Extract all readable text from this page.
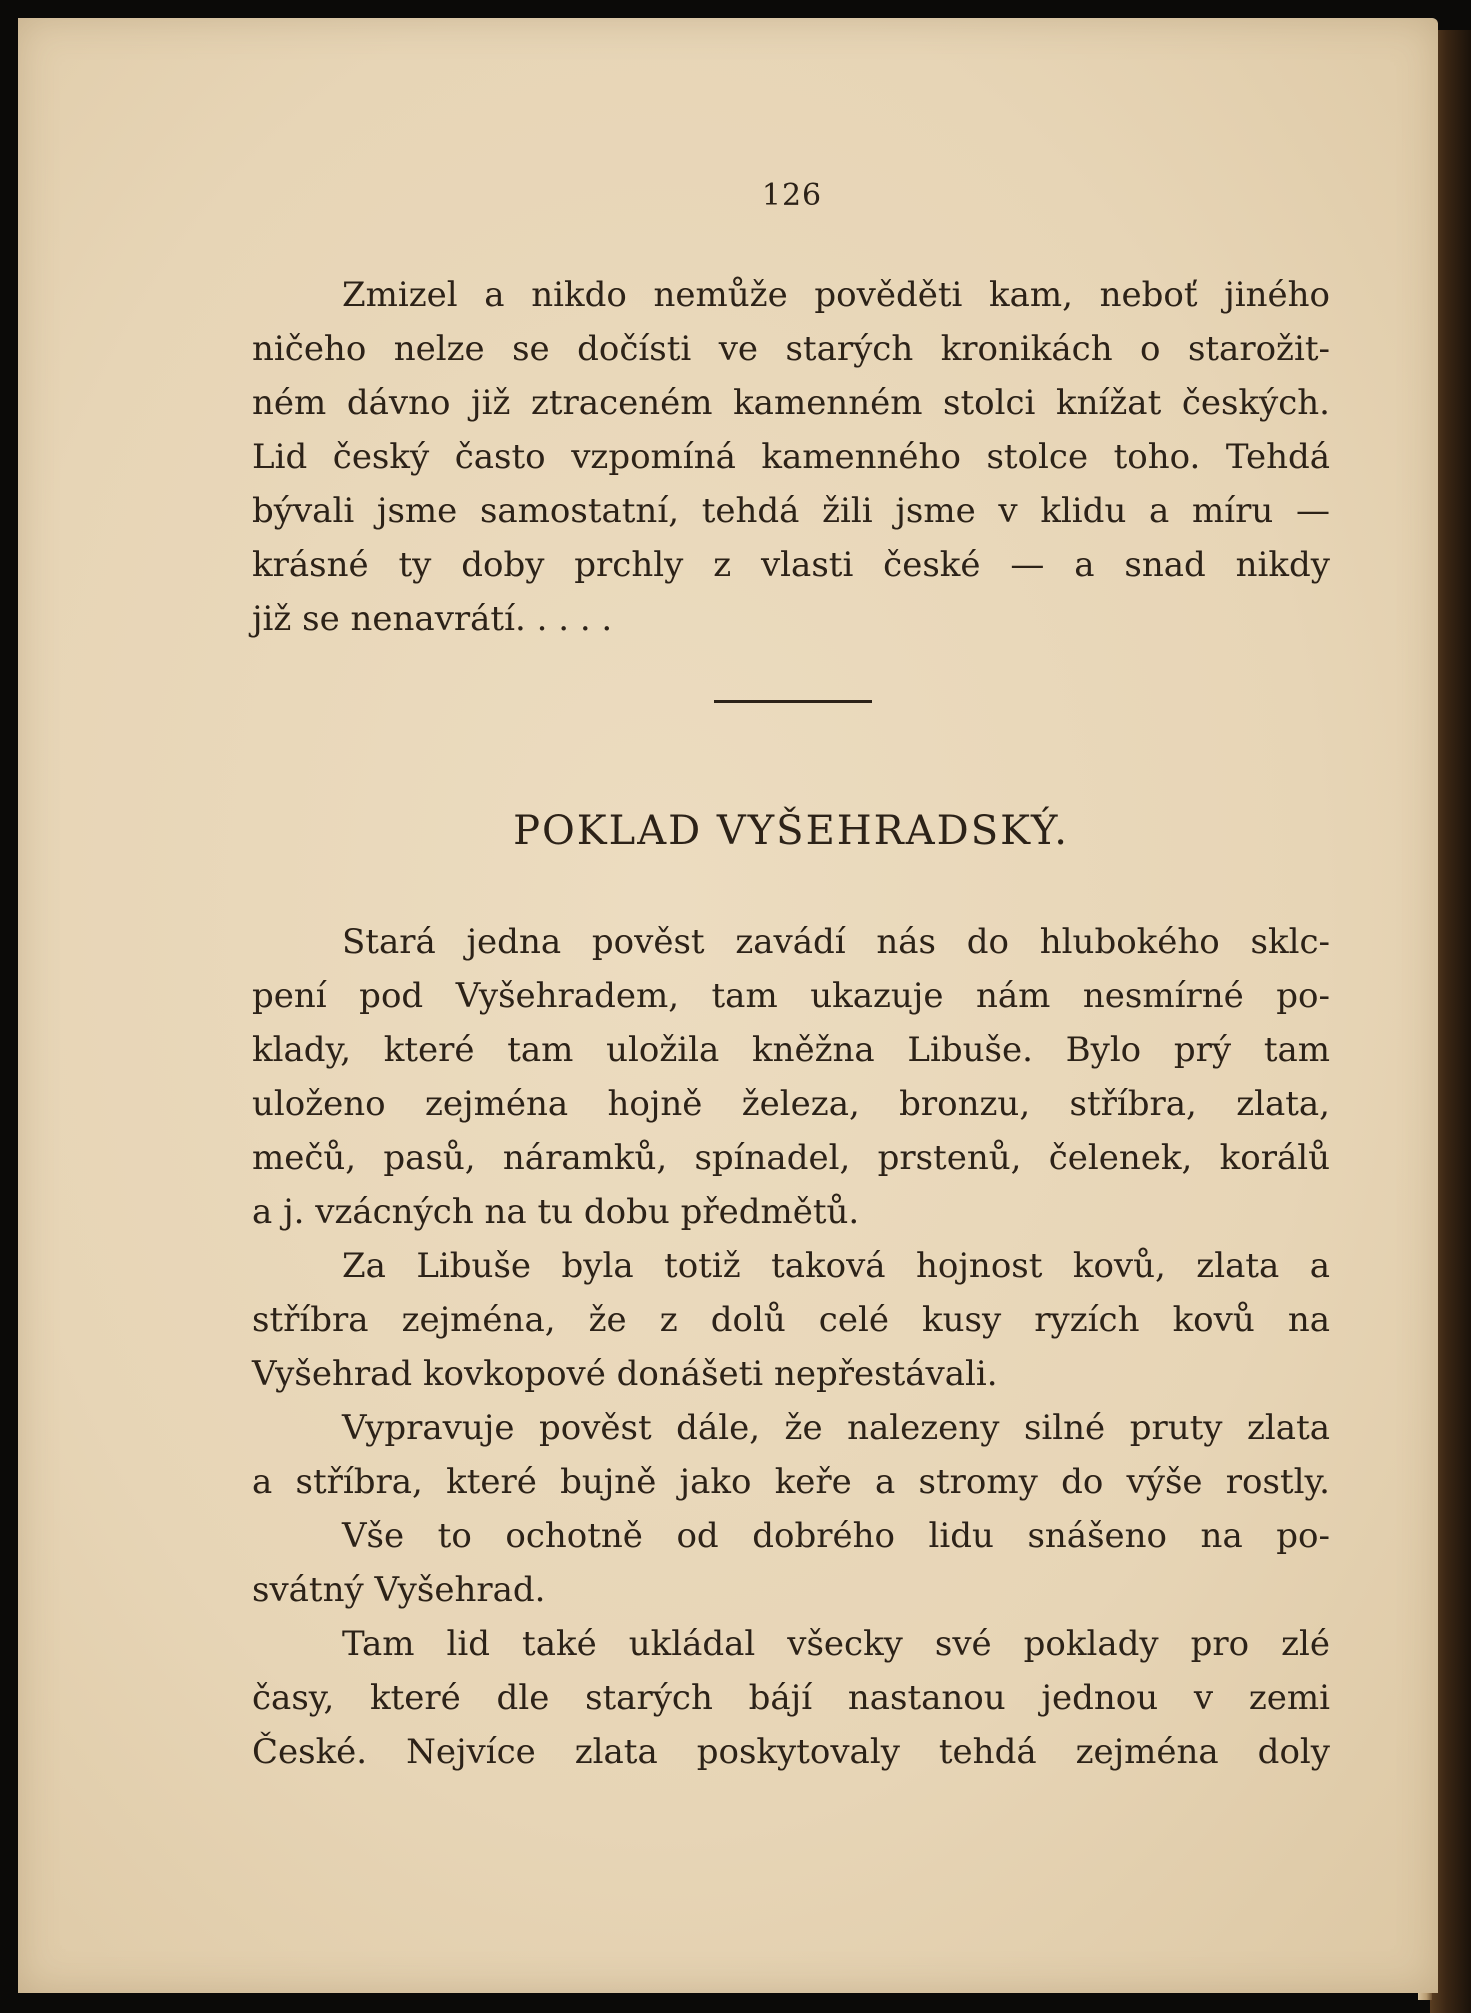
126
Zmizel a nikdo nemůže pověděti kam, neboť jiného
ničeho nelze se dočísti ve starých kronikách o starožit-
ném dávno již ztraceném kamenném stolci knížat českých.
Lid český často vzpomíná kamenného stolce toho. Tehdá
bývali jsme samostatní, tehdá žili jsme v klidu a míru —
krásné ty doby prchly z vlasti české — a snad nikdy
již se nenavrátí. . . . .
POKLAD VYŠEHRADSKÝ.
Stará jedna pověst zavádí nás do hlubokého sklc-
pení pod Vyšehradem, tam ukazuje nám nesmírné po-
klady, které tam uložila kněžna Libuše. Bylo prý tam
uloženo zejména hojně železa, bronzu, stříbra, zlata,
mečů, pasů, náramků, spínadel, prstenů, čelenek, korálů
a j. vzácných na tu dobu předmětů.
Za Libuše byla totiž taková hojnost kovů, zlata a
stříbra zejména, že z dolů celé kusy ryzích kovů na
Vyšehrad kovkopové donášeti nepřestávali.
Vypravuje pověst dále, že nalezeny silné pruty zlata
a stříbra, které bujně jako keře a stromy do výše rostly.
Vše to ochotně od dobrého lidu snášeno na po-
svátný Vyšehrad.
Tam lid také ukládal všecky své poklady pro zlé
časy, které dle starých bájí nastanou jednou v zemi
České. Nejvíce zlata poskytovaly tehdá zejména doly
